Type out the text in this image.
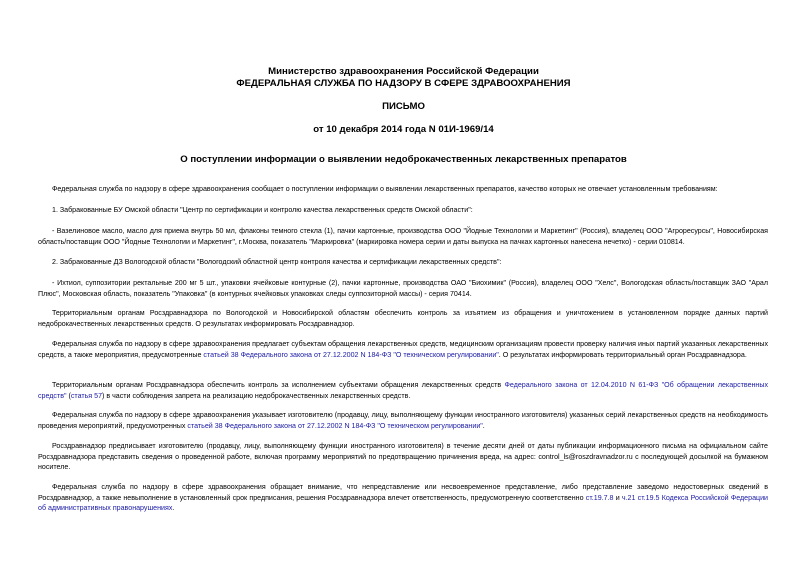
Министерство здравоохранения Российской Федерации
ФЕДЕРАЛЬНАЯ СЛУЖБА ПО НАДЗОРУ В СФЕРЕ ЗДРАВООХРАНЕНИЯ
ПИСЬМО
от 10 декабря 2014 года N 01И-1969/14
О поступлении информации о выявлении недоброкачественных лекарственных препаратов
Федеральная служба по надзору в сфере здравоохранения сообщает о поступлении информации о выявлении лекарственных препаратов, качество которых не отвечает установленным требованиям:
1. Забракованные БУ Омской области "Центр по сертификации и контролю качества лекарственных средств Омской области":
- Вазелиновое масло, масло для приема внутрь 50 мл, флаконы темного стекла (1), пачки картонные, производства ООО "Йодные Технологии и Маркетинг" (Россия), владелец ООО "Агроресурсы", Новосибирская область/поставщик ООО "Йодные Технологии и Маркетинг", г.Москва, показатель "Маркировка" (маркировка номера серии и даты выпуска на пачках картонных нанесена нечетко) - серии 010814.
2. Забракованные ДЗ Вологодской области "Вологодский областной центр контроля качества и сертификации лекарственных средств":
- Ихтиол, суппозитории ректальные 200 мг 5 шт., упаковки ячейковые контурные (2), пачки картонные, производства ОАО "Биохимик" (Россия), владелец ООО "Хелс", Вологодская область/поставщик ЗАО "Арал Плюс", Московская область, показатель "Упаковка" (в контурных ячейковых упаковках следы суппозиторной массы) - серия 70414.
Территориальным органам Росздравнадзора по Вологодской и Новосибирской областям обеспечить контроль за изъятием из обращения и уничтожением в установленном порядке данных партий недоброкачественных лекарственных средств. О результатах информировать Росздравнадзор.
Федеральная служба по надзору в сфере здравоохранения предлагает субъектам обращения лекарственных средств, медицинским организациям провести проверку наличия иных партий указанных лекарственных средств, а также мероприятия, предусмотренные статьей 38 Федерального закона от 27.12.2002 N 184-ФЗ "О техническом регулировании". О результатах информировать территориальный орган Росздравнадзора.
Территориальным органам Росздравнадзора обеспечить контроль за исполнением субъектами обращения лекарственных средств Федерального закона от 12.04.2010 N 61-ФЗ "Об обращении лекарственных средств" (статья 57) в части соблюдения запрета на реализацию недоброкачественных лекарственных средств.
Федеральная служба по надзору в сфере здравоохранения указывает изготовителю (продавцу, лицу, выполняющему функции иностранного изготовителя) указанных серий лекарственных средств на необходимость проведения мероприятий, предусмотренных статьей 38 Федерального закона от 27.12.2002 N 184-ФЗ "О техническом регулировании".
Росздравнадзор предписывает изготовителю (продавцу, лицу, выполняющему функции иностранного изготовителя) в течение десяти дней от даты публикации информационного письма на официальном сайте Росздравнадзора представить сведения о проведенной работе, включая программу мероприятий по предотвращению причинения вреда, на адрес: control_ls@roszdravnadzor.ru с последующей досылкой на бумажном носителе.
Федеральная служба по надзору в сфере здравоохранения обращает внимание, что непредставление или несвоевременное представление, либо представление заведомо недостоверных сведений в Росздравнадзор, а также невыполнение в установленный срок предписания, решения Росздравнадзора влечет ответственность, предусмотренную соответственно ст.19.7.8 и ч.21 ст.19.5 Кодекса Российской Федерации об административных правонарушениях.
